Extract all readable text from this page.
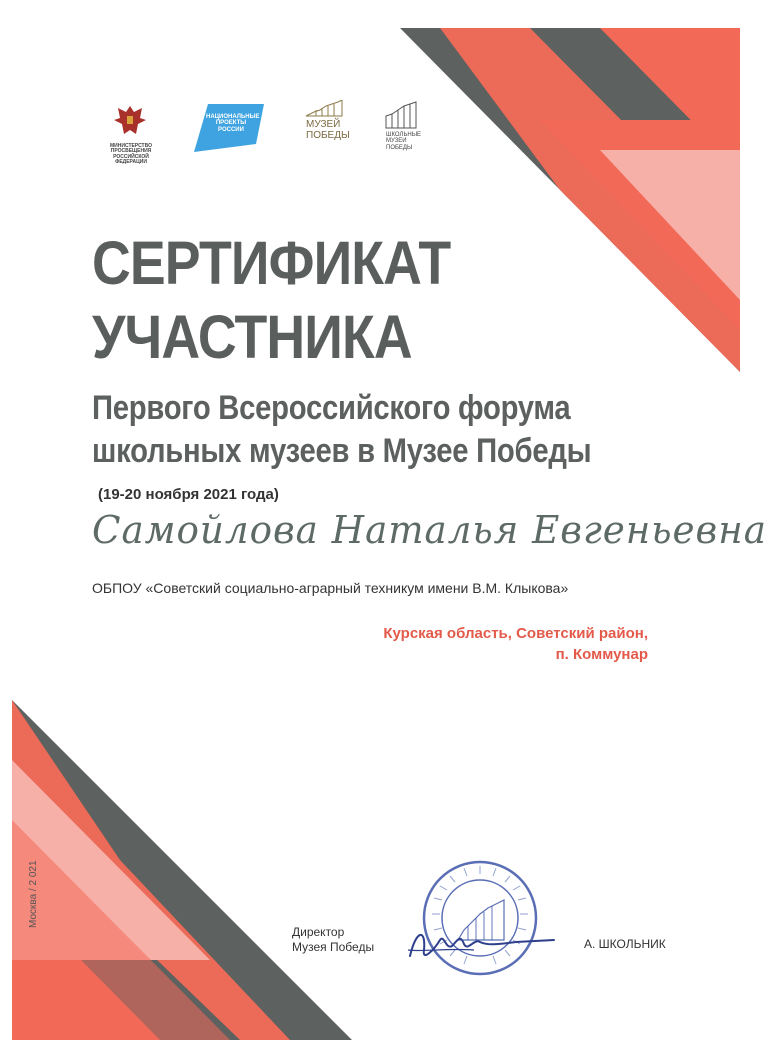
МИНИСТЕРСТВО ПРОСВЕЩЕНИЯ
РОССИЙСКОЙ ФЕДЕРАЦИИ
НАЦИОНАЛЬНЫЕ
ПРОЕКТЫ
РОССИИ	МУЗЕЙ
ПОБЕДЫ	ШКОЛЬНЫЕ
МУЗЕИ
ПОБЕДЫ
СЕРТИФИКАТ
УЧАСТНИКА
Первого Всероссийского форума
школьных музеев в Музее Победы
(19-20 ноября 2021 года)
Самойлова Наталья Евгеньевна
ОБПОУ «Советский социально-аграрный техникум имени В.М. Клыкова»
Курская область, Советский район,
п. Коммунар
Директор
Музея Победы	А. ШКОЛЬНИК
Москва / 2 021
